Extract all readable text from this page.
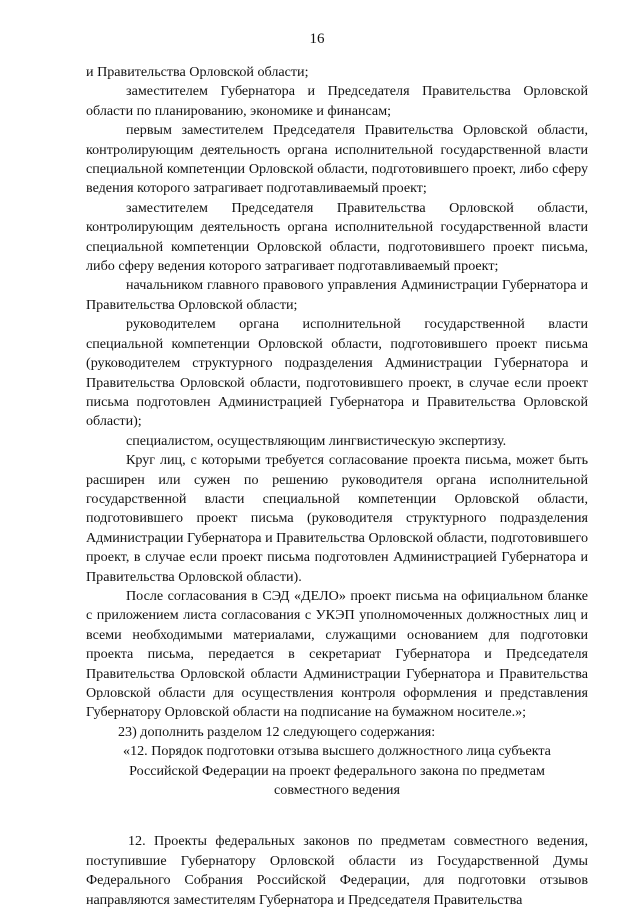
16

и Правительства Орловской области;

заместителем Губернатора и Председателя Правительства Орловской области по планированию, экономике и финансам;

первым заместителем Председателя Правительства Орловской области, контролирующим деятельность органа исполнительной государственной власти специальной компетенции Орловской области, подготовившего проект, либо сферу ведения которого затрагивает подготавливаемый проект;

заместителем Председателя Правительства Орловской области, контролирующим деятельность органа исполнительной государственной власти специальной компетенции Орловской области, подготовившего проект письма, либо сферу ведения которого затрагивает подготавливаемый проект;

начальником главного правового управления Администрации Губернатора и Правительства Орловской области;

руководителем органа исполнительной государственной власти специальной компетенции Орловской области, подготовившего проект письма (руководителем структурного подразделения Администрации Губернатора и Правительства Орловской области, подготовившего проект, в случае если проект письма подготовлен Администрацией Губернатора и Правительства Орловской области);

специалистом, осуществляющим лингвистическую экспертизу.

Круг лиц, с которыми требуется согласование проекта письма, может быть расширен или сужен по решению руководителя органа исполнительной государственной власти специальной компетенции Орловской области, подготовившего проект письма (руководителя структурного подразделения Администрации Губернатора и Правительства Орловской области, подготовившего проект, в случае если проект письма подготовлен Администрацией Губернатора и Правительства Орловской области).

После согласования в СЭД «ДЕЛО» проект письма на официальном бланке с приложением листа согласования с УКЭП уполномоченных должностных лиц и всеми необходимыми материалами, служащими основанием для подготовки проекта письма, передается в секретариат Губернатора и Председателя Правительства Орловской области Администрации Губернатора и Правительства Орловской области для осуществления контроля оформления и представления Губернатору Орловской области на подписание на бумажном носителе.»;

23) дополнить разделом 12 следующего содержания:

«12. Порядок подготовки отзыва высшего должностного лица субъекта

Российской Федерации на проект федерального закона по предметам

совместного ведения

12. Проекты федеральных законов по предметам совместного ведения, поступившие Губернатору Орловской области из Государственной Думы Федерального Собрания Российской Федерации, для подготовки отзывов направляются заместителям Губернатора и Председателя Правительства
